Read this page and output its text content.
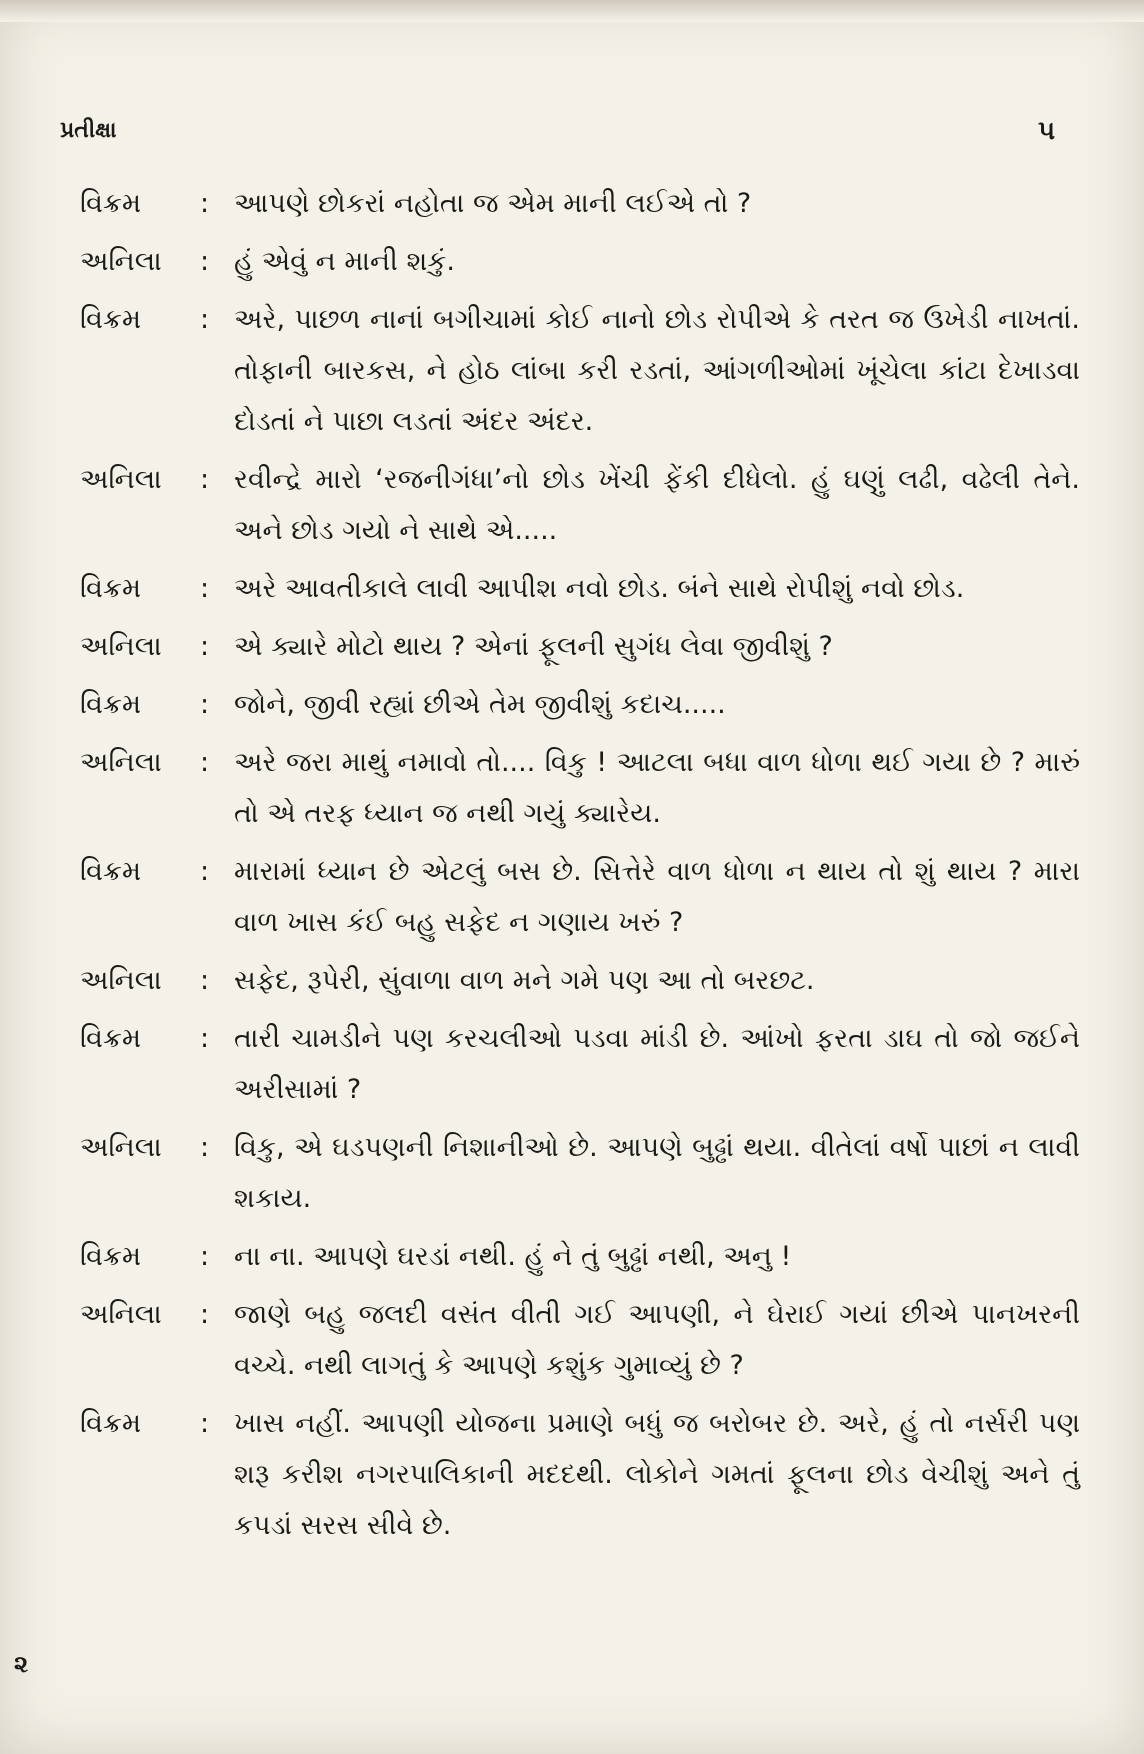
પ્રતીક્ષા	૫
વિક્રમ	: આપણે છોકરાં નહોતા જ એમ માની લઈએ તો ?
અનિલા	: હું એવું ન માની શકું.
વિક્રમ	: અરે, પાછળ નાનાં બગીચામાં કોઈ નાનો છોડ રોપીએ કે તરત જ ઉખેડી નાખતાં. તોફાની બારકસ, ને હોઠ લાંબા કરી રડતાં, આંગળીઓમાં ખૂંચેલા કાંટા દેખાડવા દોડતાં ને પાછા લડતાં અંદર અંદર.
અનિલા	: રવીન્દ્રે મારો ‘રજનીગંધા’નો છોડ ખેંચી ફેંકી દીધેલો. હું ઘણું લઢી, વઢેલી તેને. અને છોડ ગયો ને સાથે એ.....
વિક્રમ	: અરે આવતીકાલે લાવી આપીશ નવો છોડ. બંને સાથે રોપીશું નવો છોડ.
અનિલા	: એ ક્યારે મોટો થાય ? એનાં ફૂલની સુગંધ લેવા જીવીશું ?
વિક્રમ	: જોને, જીવી રહ્યાં છીએ તેમ જીવીશું કદાચ.....
અનિલા	: અરે જરા માથું નમાવો તો.... વિકુ ! આટલા બધા વાળ ધોળા થઈ ગયા છે ? મારું તો એ તરફ ધ્યાન જ નથી ગયું ક્યારેય.
વિક્રમ	: મારામાં ધ્યાન છે એટલું બસ છે. સિત્તેરે વાળ ધોળા ન થાય તો શું થાય ? મારા વાળ ખાસ કંઈ બહુ સફેદ ન ગણાય ખરું ?
અનિલા	: સફેદ, રૂપેરી, સુંવાળા વાળ મને ગમે પણ આ તો બરછટ.
વિક્રમ	: તારી ચામડીને પણ કરચલીઓ પડવા માંડી છે. આંખો ફરતા ડાઘ તો જો જઈને અરીસામાં ?
અનિલા	: વિકુ, એ ઘડપણની નિશાનીઓ છે. આપણે બુઢ્ઢાં થયા. વીતેલાં વર્ષો પાછાં ન લાવી શકાય.
વિક્રમ	: ના ના. આપણે ઘરડાં નથી. હું ને તું બુઢ્ઢાં નથી, અનુ !
અનિલા	: જાણે બહુ જલદી વસંત વીતી ગઈ આપણી, ને ઘેરાઈ ગયાં છીએ પાનખરની વચ્ચે. નથી લાગતું કે આપણે કશુંક ગુમાવ્યું છે ?
વિક્રમ	: ખાસ નહીં. આપણી યોજના પ્રમાણે બધું જ બરોબર છે. અરે, હું તો નર્સરી પણ શરૂ કરીશ નગરપાલિકાની મદદથી. લોકોને ગમતાં ફૂલના છોડ વેચીશું અને તું કપડાં સરસ સીવે છે.
૨
